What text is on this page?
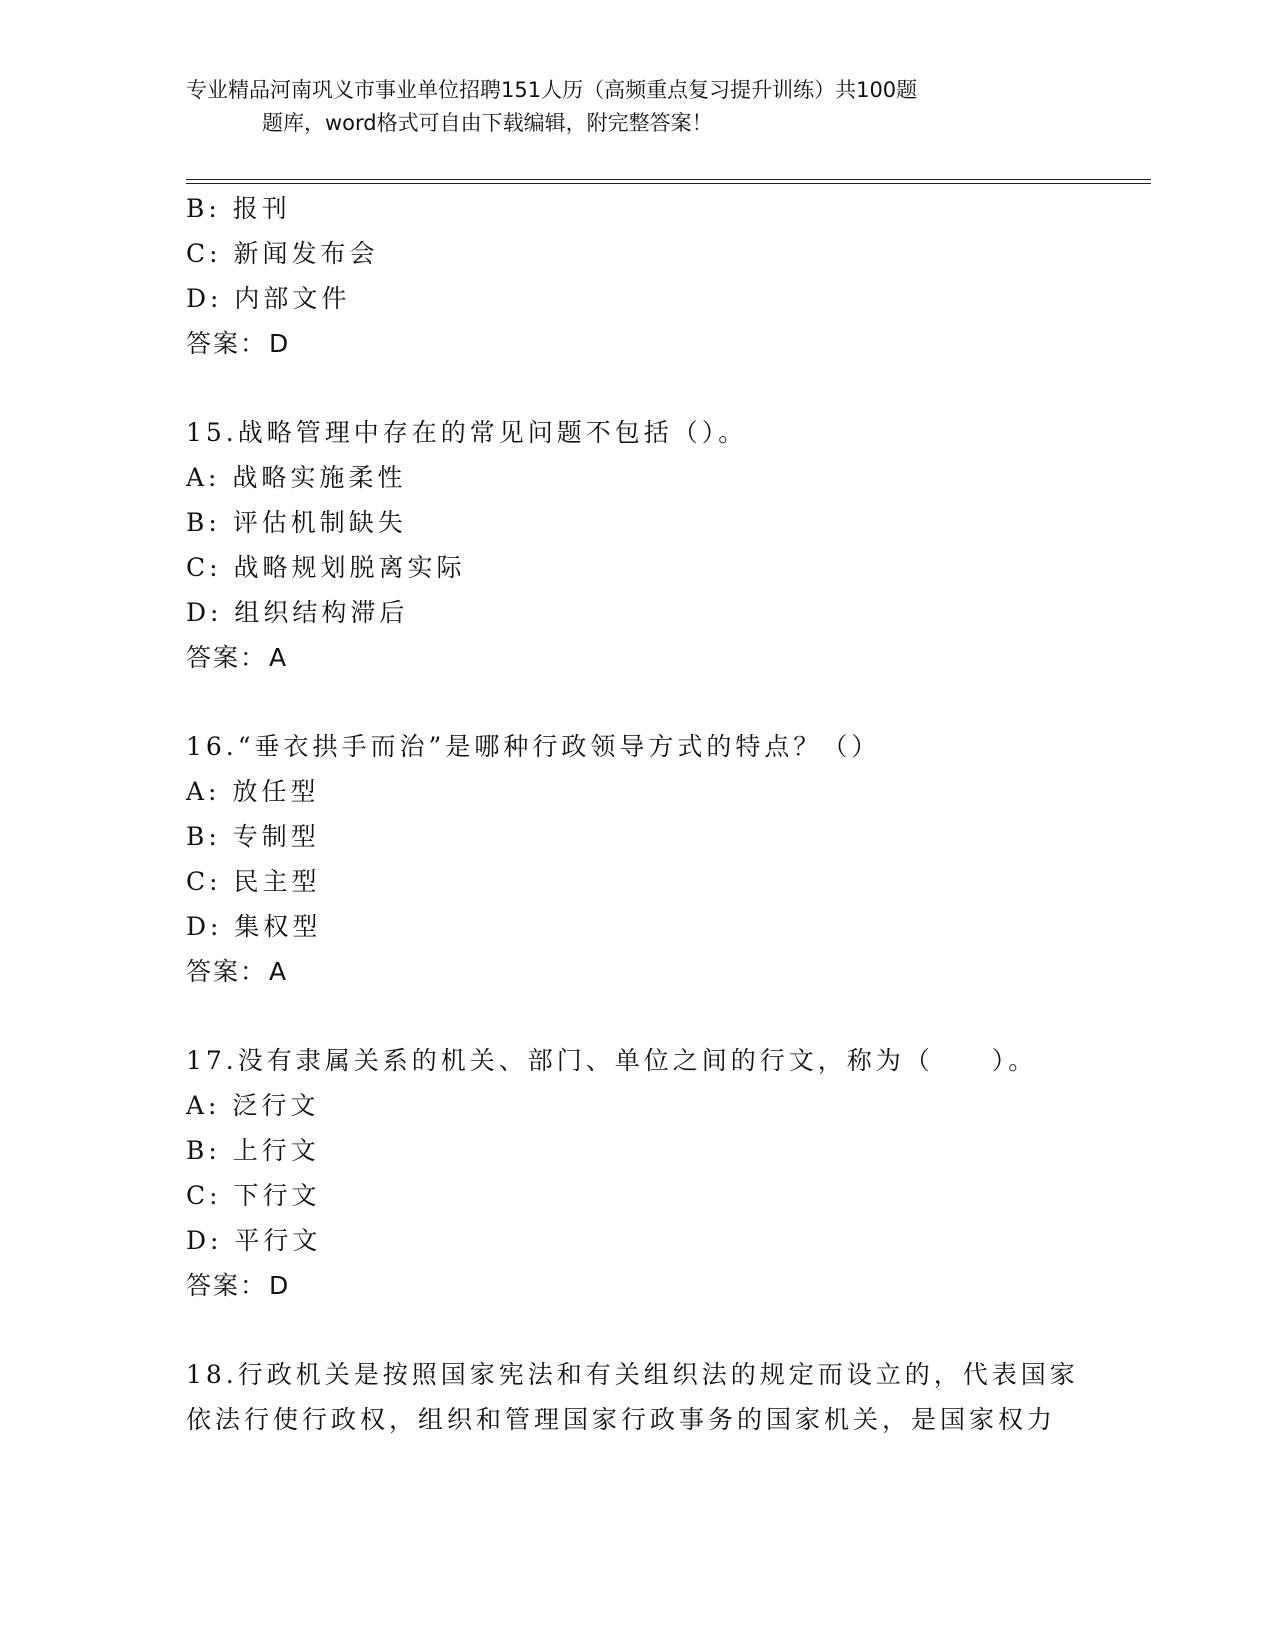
专业精品河南巩义市事业单位招聘151人历（高频重点复习提升训练）共100题
题库，word格式可自由下载编辑，附完整答案！
B: 报刊
C: 新闻发布会
D: 内部文件
答案：D
15.战略管理中存在的常见问题不包括（）。
A: 战略实施柔性
B: 评估机制缺失
C: 战略规划脱离实际
D: 组织结构滞后
答案：A
16.“垂衣拱手而治”是哪种行政领导方式的特点？（）
A: 放任型
B: 专制型
C: 民主型
D: 集权型
答案：A
17.没有隶属关系的机关、部门、单位之间的行文，称为（　　）。
A: 泛行文
B: 上行文
C: 下行文
D: 平行文
答案：D
18.行政机关是按照国家宪法和有关组织法的规定而设立的，代表国家
依法行使行政权，组织和管理国家行政事务的国家机关，是国家权力
